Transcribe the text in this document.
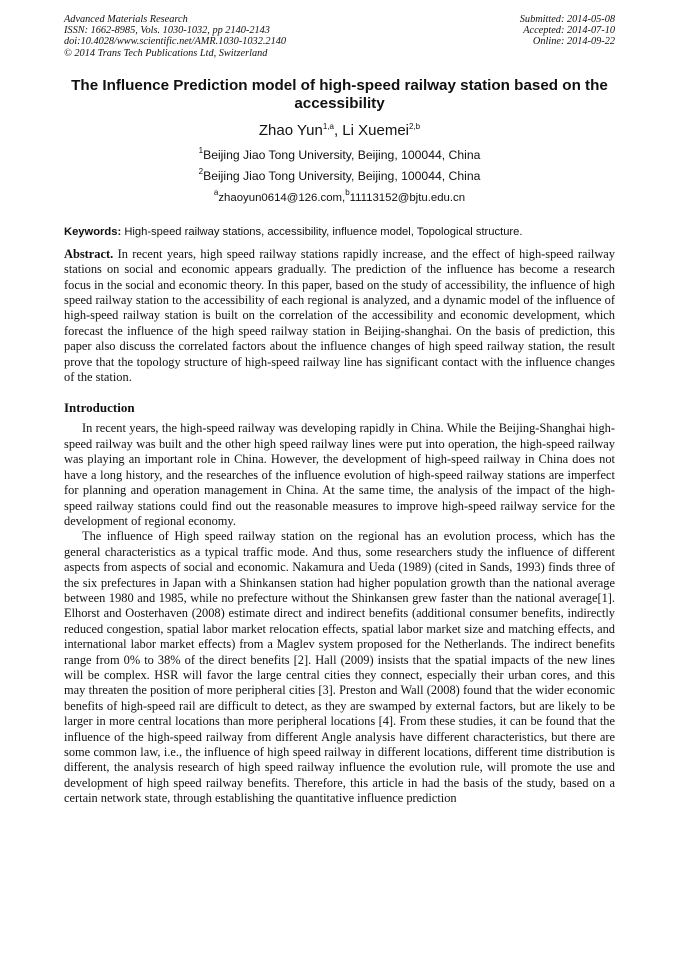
Advanced Materials Research
ISSN: 1662-8985, Vols. 1030-1032, pp 2140-2143
doi:10.4028/www.scientific.net/AMR.1030-1032.2140
© 2014 Trans Tech Publications Ltd, Switzerland
Submitted: 2014-05-08
Accepted: 2014-07-10
Online: 2014-09-22
The Influence Prediction model of high-speed railway station based on the accessibility
Zhao Yun$^{1,a}$, Li Xuemei$^{2,b}$
$^1$Beijing Jiao Tong University, Beijing, 100044, China
$^2$Beijing Jiao Tong University, Beijing, 100044, China
$^a$zhaoyun0614@126.com,$^b$11113152@bjtu.edu.cn
Keywords: High-speed railway stations, accessibility, influence model, Topological structure.
Abstract. In recent years, high speed railway stations rapidly increase, and the effect of high-speed railway stations on social and economic appears gradually. The prediction of the influence has become a research focus in the social and economic theory. In this paper, based on the study of accessibility, the influence of high speed railway station to the accessibility of each regional is analyzed, and a dynamic model of the influence of high-speed railway station is built on the correlation of the accessibility and economic development, which forecast the influence of the high speed railway station in Beijing-shanghai. On the basis of prediction, this paper also discuss the correlated factors about the influence changes of high speed railway station, the result prove that the topology structure of high-speed railway line has significant contact with the influence changes of the station.
Introduction

In recent years, the high-speed railway was developing rapidly in China. While the Beijing-Shanghai high-speed railway was built and the other high speed railway lines were put into operation, the high-speed railway was playing an important role in China. However, the development of high-speed railway in China does not have a long history, and the researches of the influence evolution of high-speed railway stations are imperfect for planning and operation management in China. At the same time, the analysis of the impact of the high-speed railway stations could find out the reasonable measures to improve high-speed railway service for the development of regional economy.

The influence of High speed railway station on the regional has an evolution process, which has the general characteristics as a typical traffic mode. And thus, some researchers study the influence of different aspects from aspects of social and economic. Nakamura and Ueda (1989) (cited in Sands, 1993) finds three of the six prefectures in Japan with a Shinkansen station had higher population growth than the national average between 1980 and 1985, while no prefecture without the Shinkansen grew faster than the national average[1]. Elhorst and Oosterhaven (2008) estimate direct and indirect benefits (additional consumer benefits, indirectly reduced congestion, spatial labor market relocation effects, spatial labor market size and matching effects, and international labor market effects) from a Maglev system proposed for the Netherlands. The indirect benefits range from 0% to 38% of the direct benefits [2]. Hall (2009) insists that the spatial impacts of the new lines will be complex. HSR will favor the large central cities they connect, especially their urban cores, and this may threaten the position of more peripheral cities [3]. Preston and Wall (2008) found that the wider economic benefits of high-speed rail are difficult to detect, as they are swamped by external factors, but are likely to be larger in more central locations than more peripheral locations [4]. From these studies, it can be found that the influence of the high-speed railway from different Angle analysis have different characteristics, but there are some common law, i.e., the influence of high speed railway in different locations, different time distribution is different, the analysis research of high speed railway influence the evolution rule, will promote the use and development of high speed railway benefits. Therefore, this article in had the basis of the study, based on a certain network state, through establishing the quantitative influence prediction
